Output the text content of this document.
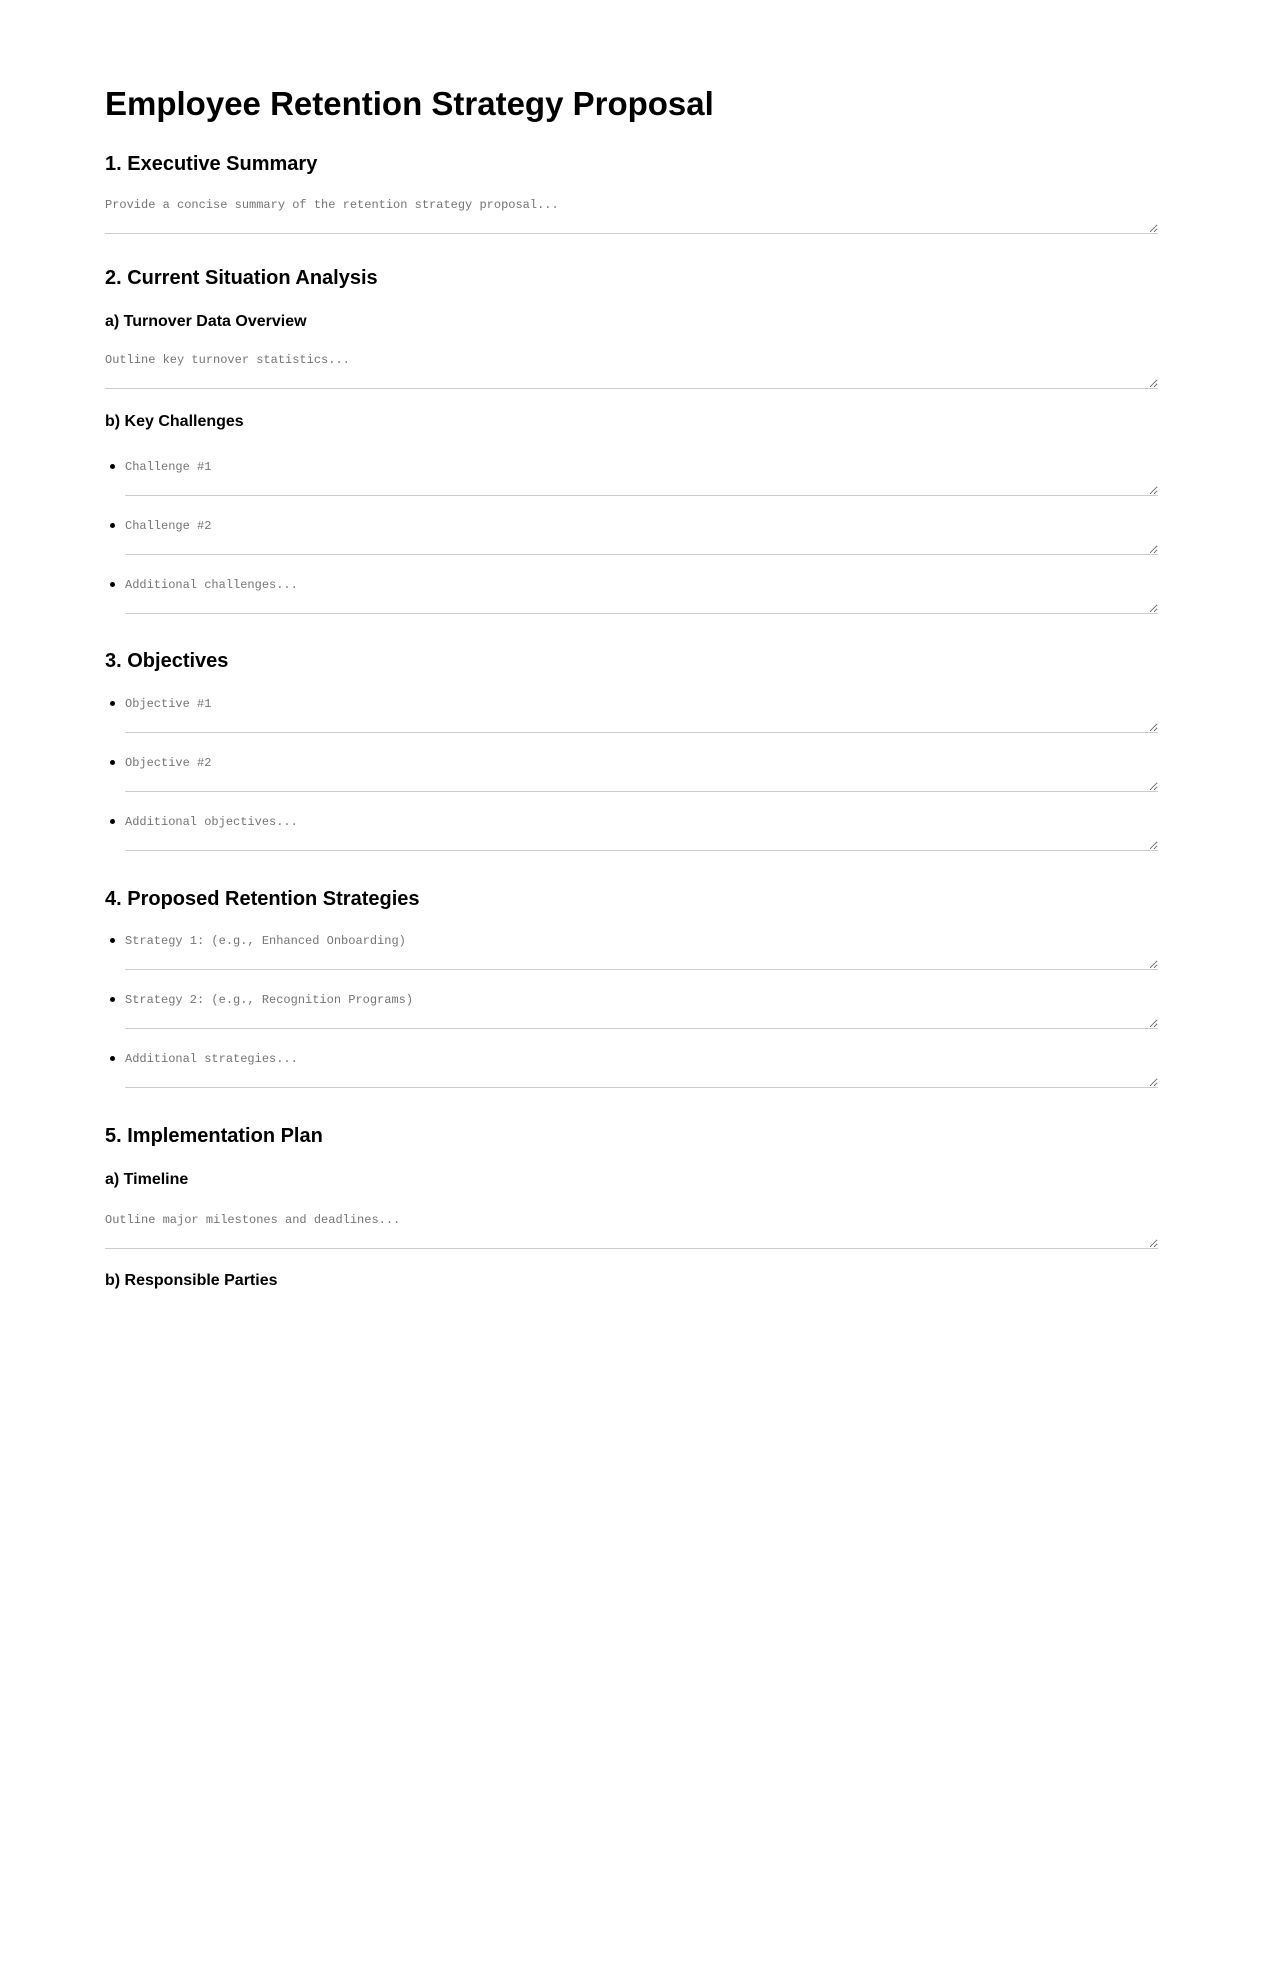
Employee Retention Strategy Proposal
1. Executive Summary
Provide a concise summary of the retention strategy proposal...
2. Current Situation Analysis
a) Turnover Data Overview
Outline key turnover statistics...
b) Key Challenges
Challenge #1
Challenge #2
Additional challenges...
3. Objectives
Objective #1
Objective #2
Additional objectives...
4. Proposed Retention Strategies
Strategy 1: (e.g., Enhanced Onboarding)
Strategy 2: (e.g., Recognition Programs)
Additional strategies...
5. Implementation Plan
a) Timeline
Outline major milestones and deadlines...
b) Responsible Parties
